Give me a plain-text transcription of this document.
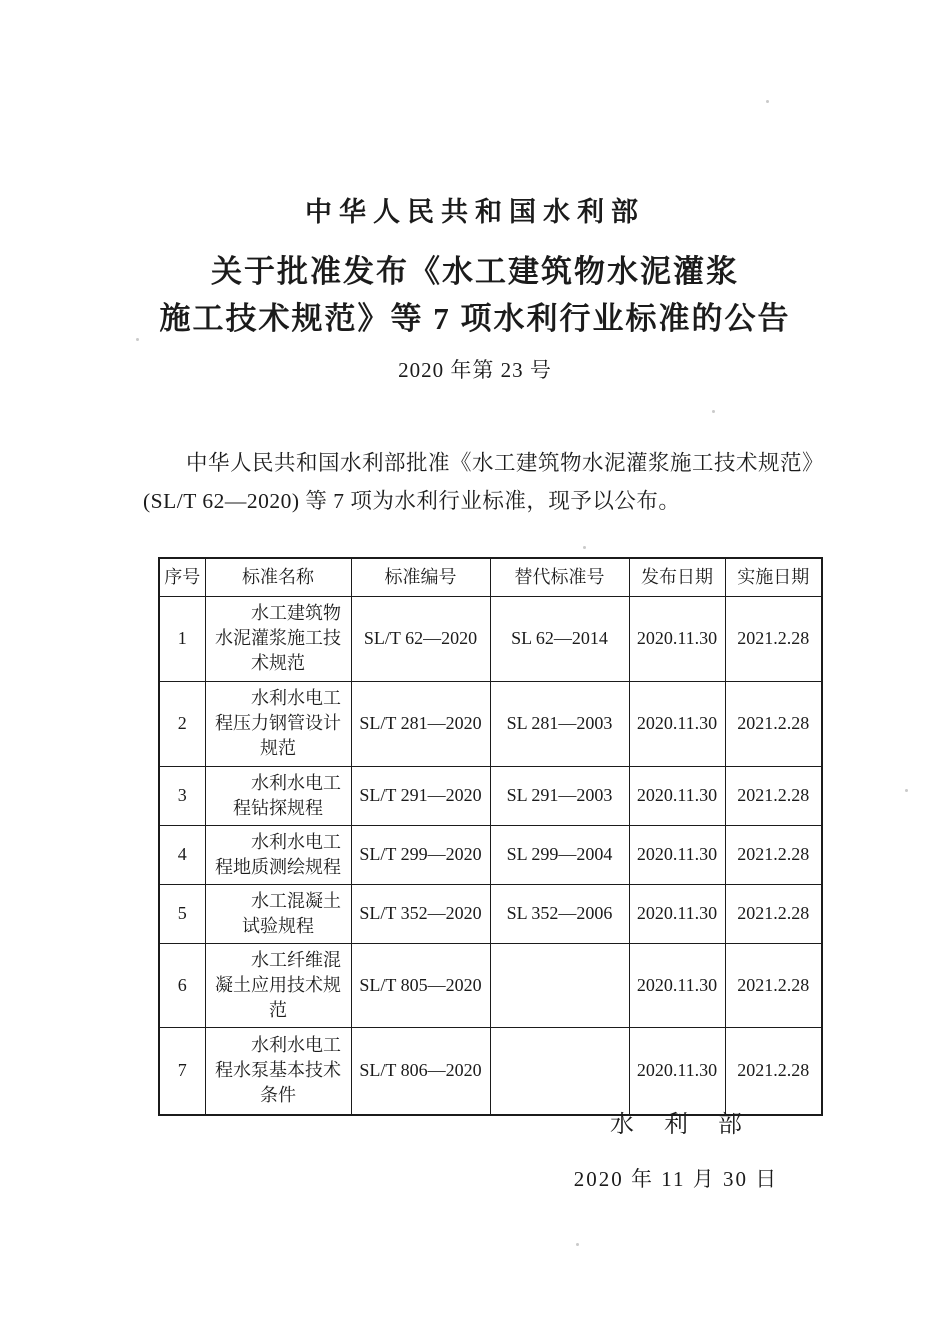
中华人民共和国水利部
关于批准发布《水工建筑物水泥灌浆
施工技术规范》等 7 项水利行业标准的公告
2020 年第 23 号

中华人民共和国水利部批准《水工建筑物水泥灌浆施工技术规范》(SL/T 62—2020) 等 7 项为水利行业标准，现予以公布。

序号	标准名称	标准编号	替代标准号	发布日期	实施日期
1	水工建筑物水泥灌浆施工技术规范	SL/T 62—2020	SL 62—2014	2020.11.30	2021.2.28
2	水利水电工程压力钢管设计规范	SL/T 281—2020	SL 281—2003	2020.11.30	2021.2.28
3	水利水电工程钻探规程	SL/T 291—2020	SL 291—2003	2020.11.30	2021.2.28
4	水利水电工程地质测绘规程	SL/T 299—2020	SL 299—2004	2020.11.30	2021.2.28
5	水工混凝土试验规程	SL/T 352—2020	SL 352—2006	2020.11.30	2021.2.28
6	水工纤维混凝土应用技术规范	SL/T 805—2020		2020.11.30	2021.2.28
7	水利水电工程水泵基本技术条件	SL/T 806—2020		2020.11.30	2021.2.28
水 利 部
2020 年 11 月 30 日
